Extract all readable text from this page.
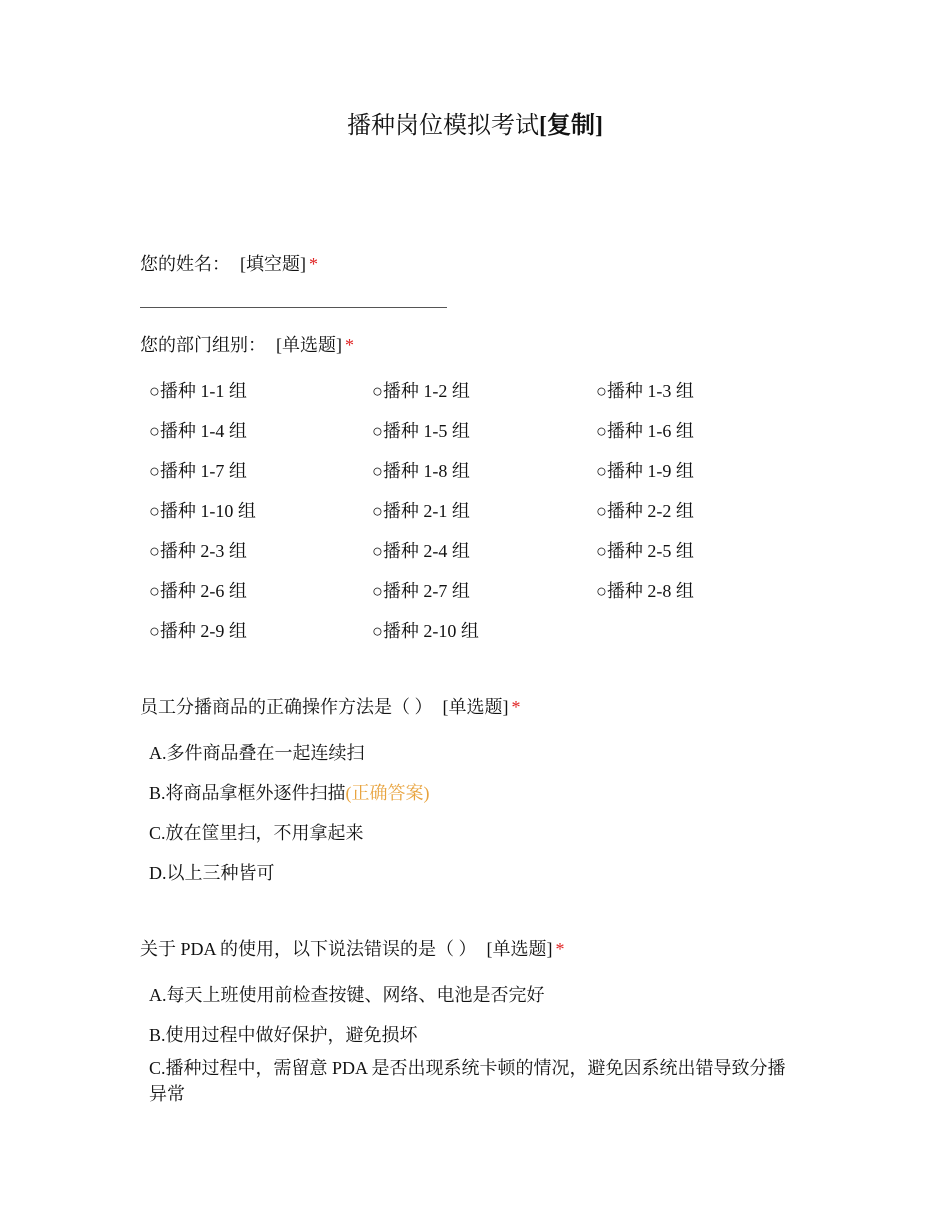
播种岗位模拟考试[复制]
您的姓名： [填空题] *
您的部门组别： [单选题] *
○播种 1-1 组	○播种 1-2 组	○播种 1-3 组
○播种 1-4 组	○播种 1-5 组	○播种 1-6 组
○播种 1-7 组	○播种 1-8 组	○播种 1-9 组
○播种 1-10 组	○播种 2-1 组	○播种 2-2 组
○播种 2-3 组	○播种 2-4 组	○播种 2-5 组
○播种 2-6 组	○播种 2-7 组	○播种 2-8 组
○播种 2-9 组	○播种 2-10 组
员工分播商品的正确操作方法是（ ） [单选题] *
A.多件商品叠在一起连续扫
B.将商品拿框外逐件扫描(正确答案)
C.放在筐里扫，不用拿起来
D.以上三种皆可
关于 PDA 的使用，以下说法错误的是（ ） [单选题] *
A.每天上班使用前检查按键、网络、电池是否完好
B.使用过程中做好保护，避免损坏
C.播种过程中，需留意 PDA 是否出现系统卡顿的情况，避免因系统出错导致分播异常
